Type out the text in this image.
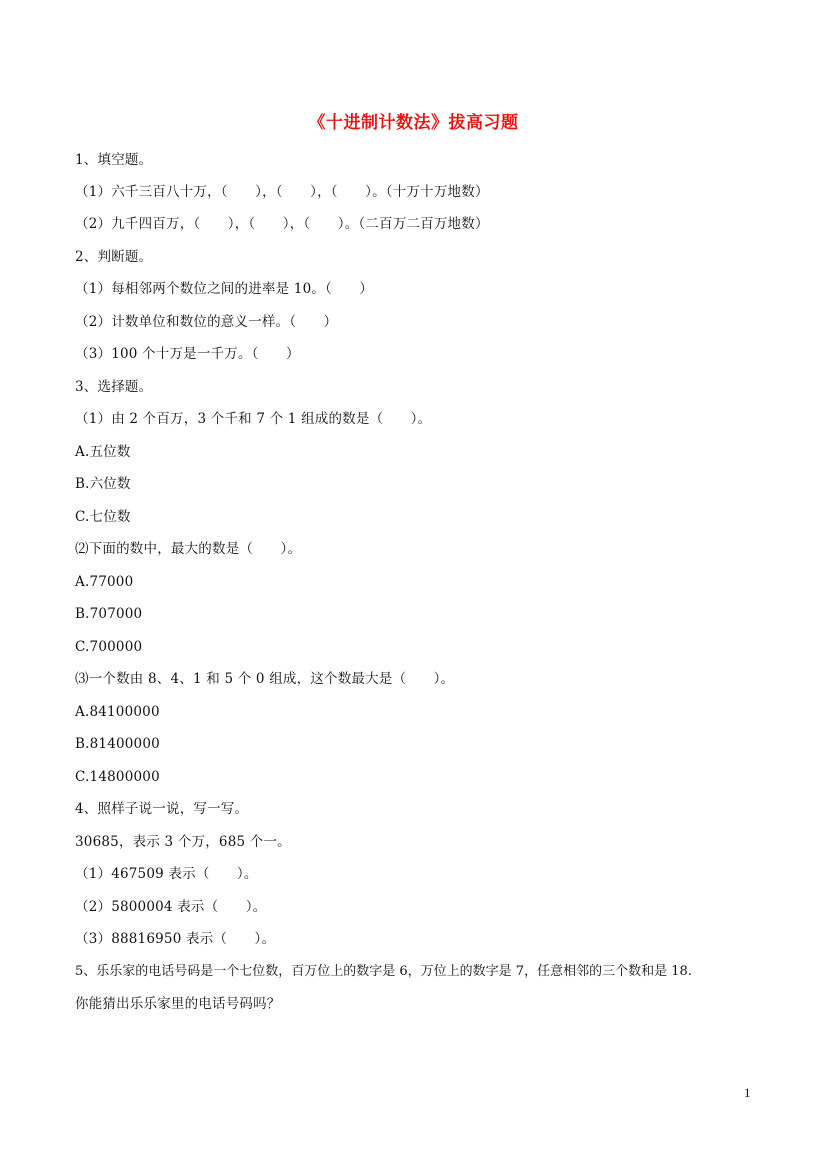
《十进制计数法》拔高习题
1、填空题。
（1）六千三百八十万，（　　），（　　），（　　）。（十万十万地数）
（2）九千四百万，（　　），（　　），（　　）。（二百万二百万地数）
2、判断题。
（1）每相邻两个数位之间的进率是 10。（　　）
（2）计数单位和数位的意义一样。（　　）
（3）100 个十万是一千万。（　　）
3、选择题。
（1）由 2 个百万，3 个千和 7 个 1 组成的数是（　　）。
A.五位数
B.六位数
C.七位数
⑵下面的数中，最大的数是（　　）。
A.77000
B.707000
C.700000
⑶一个数由 8、4、1 和 5 个 0 组成，这个数最大是（　　）。
A.84100000
B.81400000
C.14800000
4、照样子说一说，写一写。
30685，表示 3 个万，685 个一。
（1）467509 表示（　　）。
（2）5800004 表示（　　）。
（3）88816950 表示（　　）。
5、乐乐家的电话号码是一个七位数，百万位上的数字是 6，万位上的数字是 7，任意相邻的三个数和是 18.
你能猜出乐乐家里的电话号码吗？
1
